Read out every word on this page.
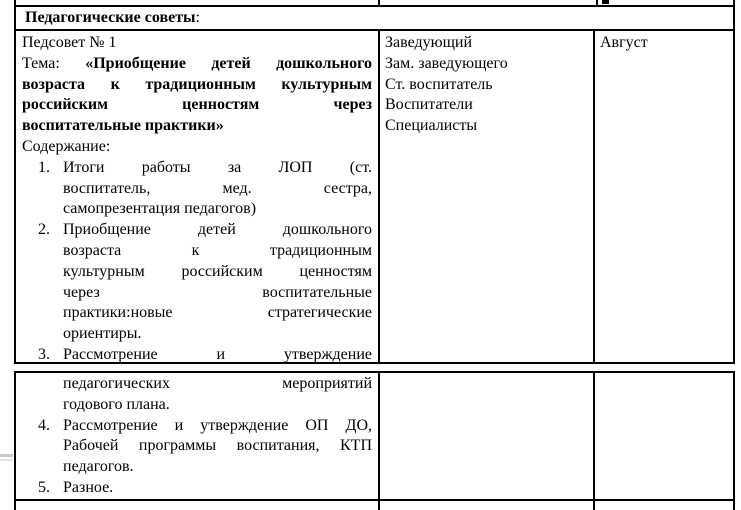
Педагогические советы:
Педсовет № 1
Тема: «Приобщение детей дошкольного
возраста к традиционным культурным
российским ценностям через
воспитательные практики»
Содержание:
1. Итоги работы за ЛОП (ст.
воспитатель, мед. сестра,
самопрезентация педагогов)
2. Приобщение детей дошкольного
возраста к традиционным
культурным российским ценностям
через воспитательные
практики:новые стратегические
ориентиры.
3. Рассмотрение и утверждение
Заведующий
Зам. заведующего
Ст. воспитатель
Воспитатели
Специалисты
Август
педагогических мероприятий
годового плана.
4. Рассмотрение и утверждение ОП ДО,
Рабочей программы воспитания, КТП
педагогов.
5. Разное.
